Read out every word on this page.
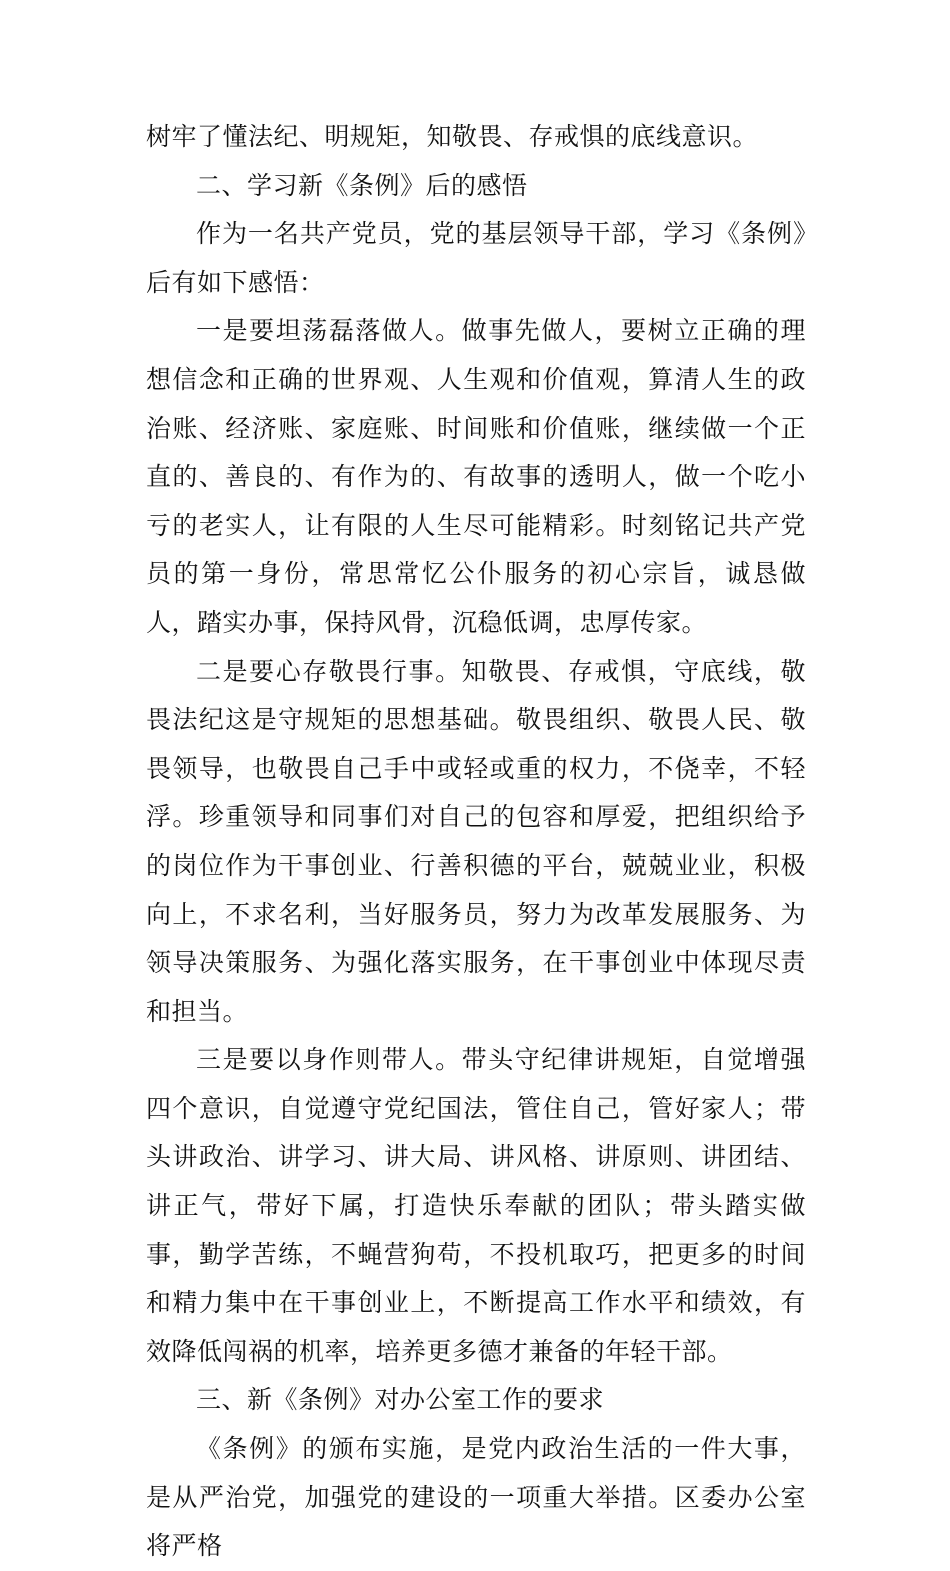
树牢了懂法纪、明规矩，知敬畏、存戒惧的底线意识。

二、学习新《条例》后的感悟

作为一名共产党员，党的基层领导干部，学习《条例》后有如下感悟：

一是要坦荡磊落做人。做事先做人，要树立正确的理想信念和正确的世界观、人生观和价值观，算清人生的政治账、经济账、家庭账、时间账和价值账，继续做一个正直的、善良的、有作为的、有故事的透明人，做一个吃小亏的老实人，让有限的人生尽可能精彩。时刻铭记共产党员的第一身份，常思常忆公仆服务的初心宗旨，诚恳做人，踏实办事，保持风骨，沉稳低调，忠厚传家。

二是要心存敬畏行事。知敬畏、存戒惧，守底线，敬畏法纪这是守规矩的思想基础。敬畏组织、敬畏人民、敬畏领导，也敬畏自己手中或轻或重的权力，不侥幸，不轻浮。珍重领导和同事们对自己的包容和厚爱，把组织给予的岗位作为干事创业、行善积德的平台，兢兢业业，积极向上，不求名利，当好服务员，努力为改革发展服务、为领导决策服务、为强化落实服务，在干事创业中体现尽责和担当。

三是要以身作则带人。带头守纪律讲规矩，自觉增强四个意识，自觉遵守党纪国法，管住自己，管好家人；带头讲政治、讲学习、讲大局、讲风格、讲原则、讲团结、讲正气，带好下属，打造快乐奉献的团队；带头踏实做事，勤学苦练，不蝇营狗苟，不投机取巧，把更多的时间和精力集中在干事创业上，不断提高工作水平和绩效，有效降低闯祸的机率，培养更多德才兼备的年轻干部。

三、新《条例》对办公室工作的要求

《条例》的颁布实施，是党内政治生活的一件大事，是从严治党，加强党的建设的一项重大举措。区委办公室将严格
